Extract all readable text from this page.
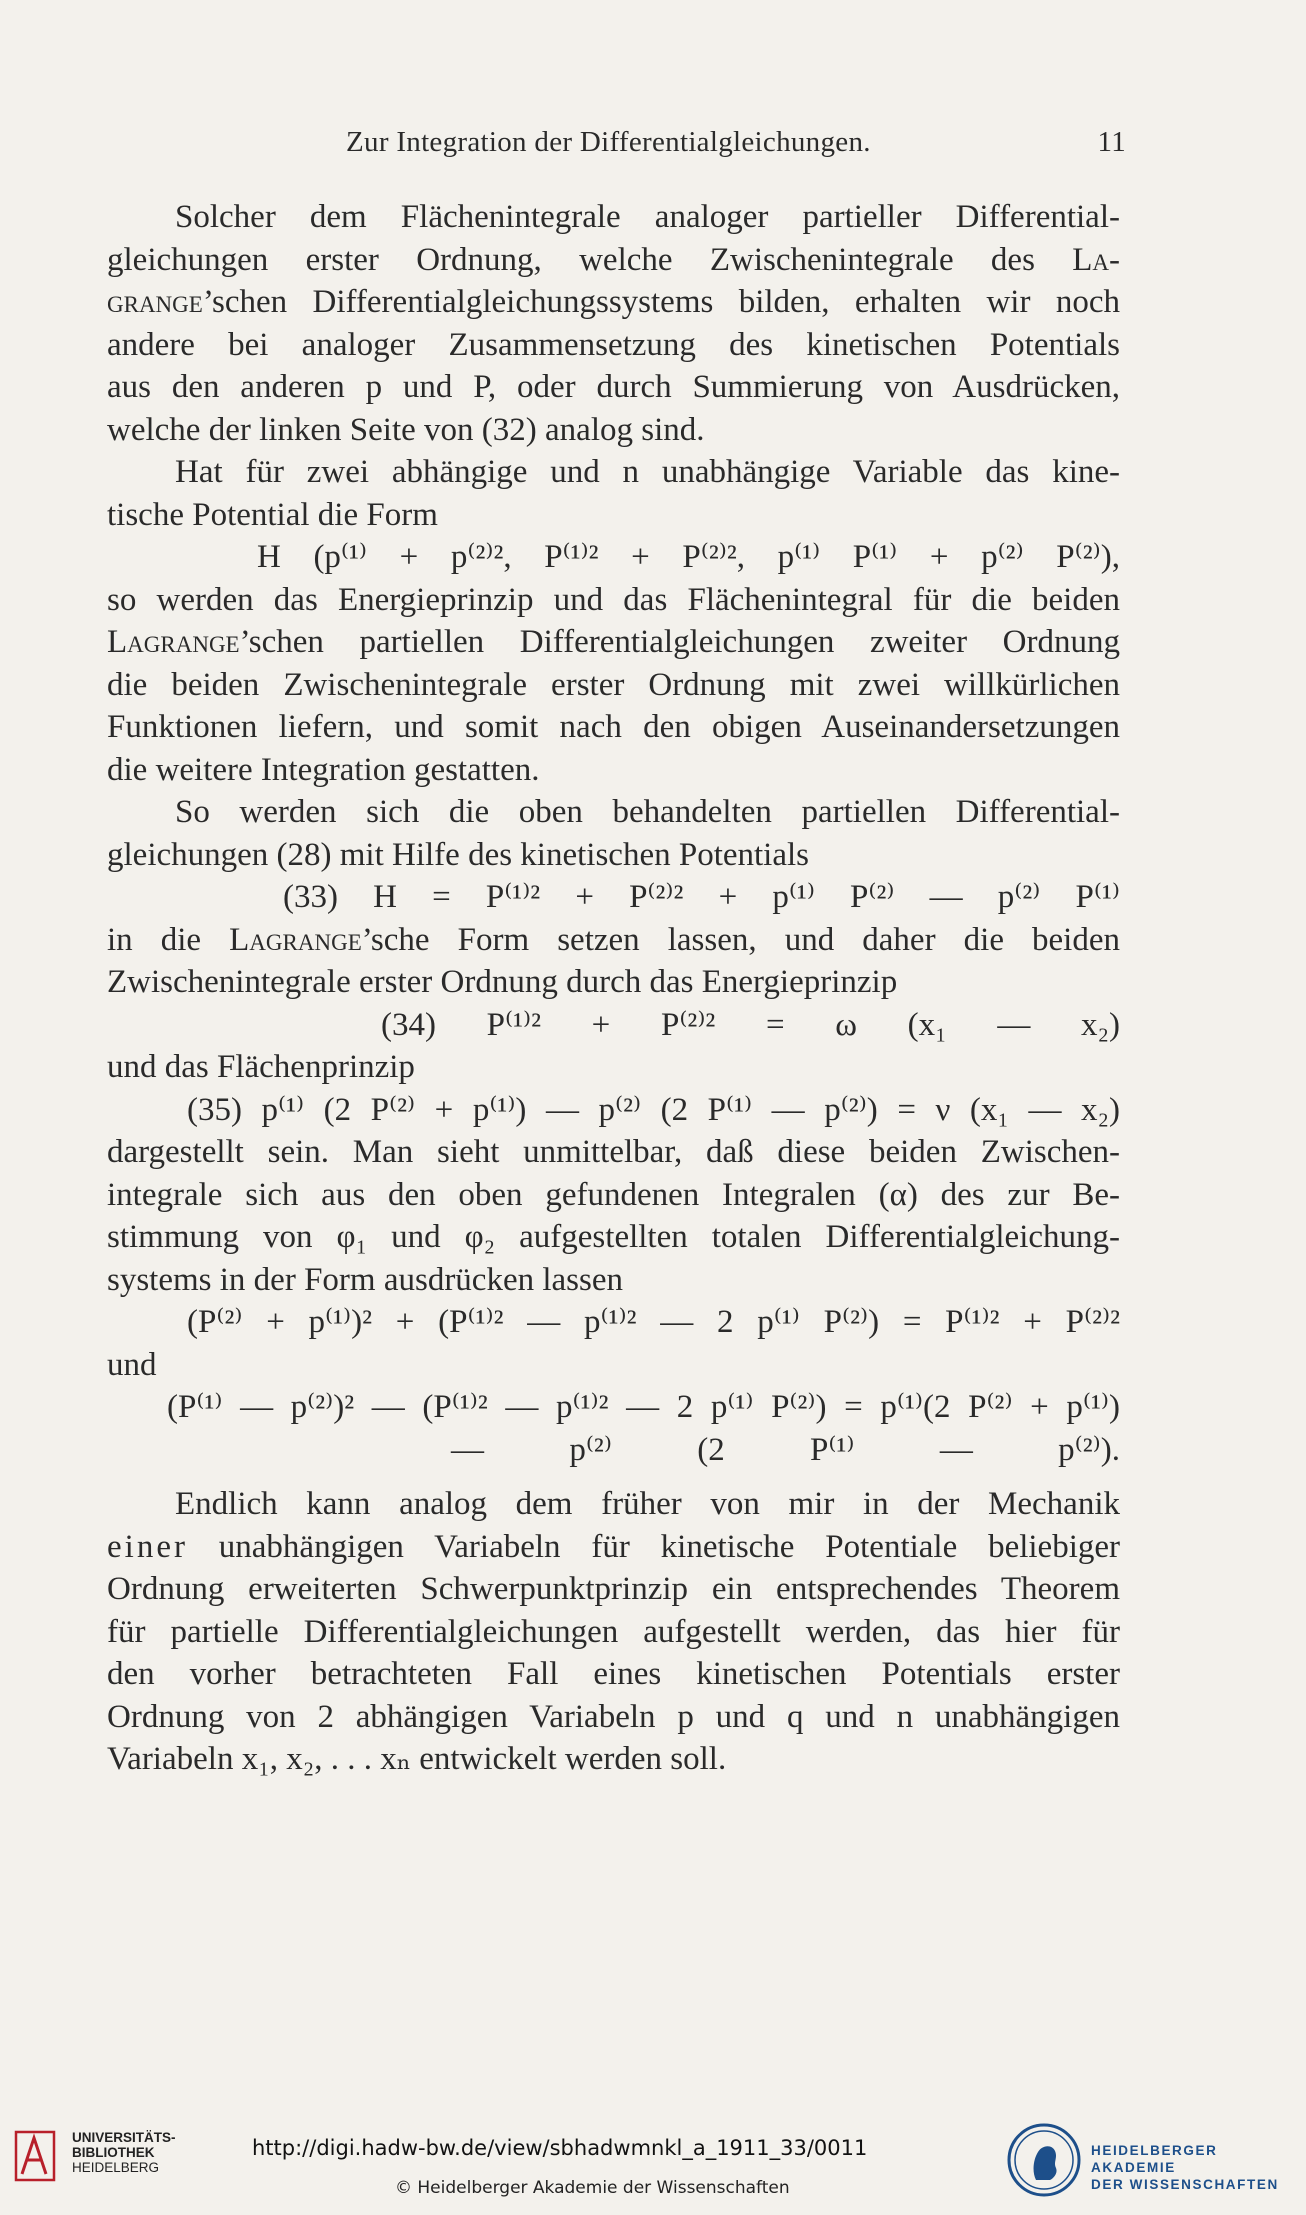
Zur Integration der Differentialgleichungen.	11

Solcher dem Flächenintegrale analoger partieller Differential-

gleichungen erster Ordnung, welche Zwischenintegrale des La-

grange’schen Differentialgleichungssystems bilden, erhalten wir noch

andere bei analoger Zusammensetzung des kinetischen Potentials

aus den anderen p und P, oder durch Summierung von Ausdrücken,

welche der linken Seite von (32) analog sind.

Hat für zwei abhängige und n unabhängige Variable das kine-

tische Potential die Form

H (p⁽¹⁾ + p⁽²⁾², P⁽¹⁾² + P⁽²⁾², p⁽¹⁾ P⁽¹⁾ + p⁽²⁾ P⁽²⁾),

so werden das Energieprinzip und das Flächenintegral für die beiden

Lagrange’schen partiellen Differentialgleichungen zweiter Ordnung

die beiden Zwischenintegrale erster Ordnung mit zwei willkürlichen

Funktionen liefern, und somit nach den obigen Auseinandersetzungen

die weitere Integration gestatten.

So werden sich die oben behandelten partiellen Differential-

gleichungen (28) mit Hilfe des kinetischen Potentials

(33) H = P⁽¹⁾² + P⁽²⁾² + p⁽¹⁾ P⁽²⁾ — p⁽²⁾ P⁽¹⁾

in die Lagrange’sche Form setzen lassen, und daher die beiden

Zwischenintegrale erster Ordnung durch das Energieprinzip

(34) P⁽¹⁾² + P⁽²⁾² = ω (x₁ — x₂)

und das Flächenprinzip

(35) p⁽¹⁾ (2 P⁽²⁾ + p⁽¹⁾) — p⁽²⁾ (2 P⁽¹⁾ — p⁽²⁾) = ν (x₁ — x₂)

dargestellt sein. Man sieht unmittelbar, daß diese beiden Zwischen-

integrale sich aus den oben gefundenen Integralen (α) des zur Be-

stimmung von φ₁ und φ₂ aufgestellten totalen Differentialgleichung-

systems in der Form ausdrücken lassen

(P⁽²⁾ + p⁽¹⁾)² + (P⁽¹⁾² — p⁽¹⁾² — 2 p⁽¹⁾ P⁽²⁾) = P⁽¹⁾² + P⁽²⁾²

und

(P⁽¹⁾ — p⁽²⁾)² — (P⁽¹⁾² — p⁽¹⁾² — 2 p⁽¹⁾ P⁽²⁾) = p⁽¹⁾(2 P⁽²⁾ + p⁽¹⁾)

— p⁽²⁾ (2 P⁽¹⁾ — p⁽²⁾).

Endlich kann analog dem früher von mir in der Mechanik

einer unabhängigen Variabeln für kinetische Potentiale beliebiger

Ordnung erweiterten Schwerpunktprinzip ein entsprechendes Theorem

für partielle Differentialgleichungen aufgestellt werden, das hier für

den vorher betrachteten Fall eines kinetischen Potentials erster

Ordnung von 2 abhängigen Variabeln p und q und n unabhängigen

Variabeln x₁, x₂, . . . xₙ entwickelt werden soll.

UNIVERSITÄTS-
BIBLIOTHEK
HEIDELBERG
http://digi.hadw-bw.de/view/sbhadwmnkl_a_1911_33/0011
© Heidelberger Akademie der Wissenschaften
HEIDELBERGER AKADEMIE
DER WISSENSCHAFTEN
